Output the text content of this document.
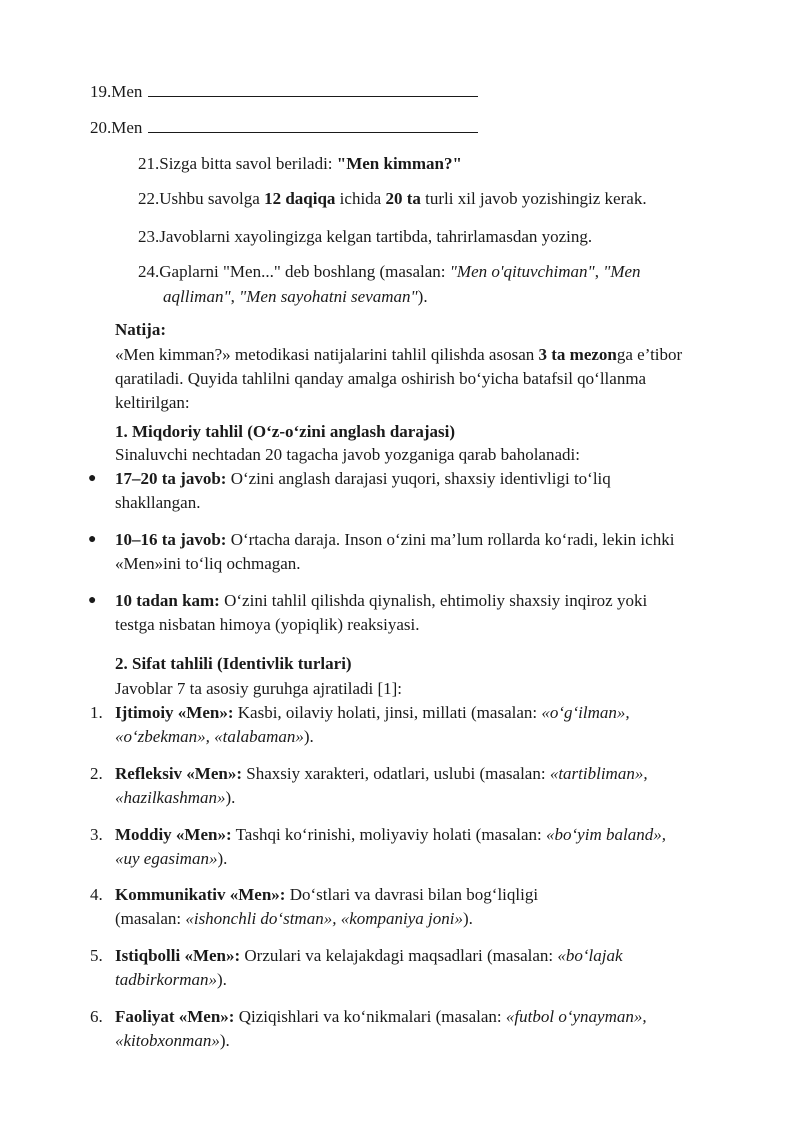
19.Men
20.Men
21.Sizga bitta savol beriladi: "Men kimman?"
22.Ushbu savolga 12 daqiqa ichida 20 ta turli xil javob yozishingiz kerak.
23.Javoblarni xayolingizga kelgan tartibda, tahrirlamasdan yozing.
24.Gaplarni "Men..." deb boshlang (masalan: "Men o'qituvchiman", "Men
aqlliman", "Men sayohatni sevaman").
Natija:
«Men kimman?» metodikasi natijalarini tahlil qilishda asosan 3 ta mezonga e’tibor
qaratiladi. Quyida tahlilni qanday amalga oshirish bo‘yicha batafsil qo‘llanma
keltirilgan:
1. Miqdoriy tahlil (O‘z-o‘zini anglash darajasi)
Sinaluvchi nechtadan 20 tagacha javob yozganiga qarab baholanadi:
● 17–20 ta javob: O‘zini anglash darajasi yuqori, shaxsiy identivligi to‘liq
shakllangan.
● 10–16 ta javob: O‘rtacha daraja. Inson o‘zini ma’lum rollarda ko‘radi, lekin ichki
«Men»ini to‘liq ochmagan.
● 10 tadan kam: O‘zini tahlil qilishda qiynalish, ehtimoliy shaxsiy inqiroz yoki
testga nisbatan himoya (yopiqlik) reaksiyasi.
2. Sifat tahlili (Identivlik turlari)
Javoblar 7 ta asosiy guruhga ajratiladi [1]:
1. Ijtimoiy «Men»: Kasbi, oilaviy holati, jinsi, millati (masalan: «o‘g‘ilman»,
«o‘zbekman», «talabaman»).
2. Refleksiv «Men»: Shaxsiy xarakteri, odatlari, uslubi (masalan: «tartibliman»,
«hazilkashman»).
3. Moddiy «Men»: Tashqi ko‘rinishi, moliyaviy holati (masalan: «bo‘yim baland»,
«uy egasiman»).
4. Kommunikativ «Men»: Do‘stlari va davrasi bilan bog‘liqligi
(masalan: «ishonchli do‘stman», «kompaniya joni»).
5. Istiqbolli «Men»: Orzulari va kelajakdagi maqsadlari (masalan: «bo‘lajak
tadbirkorman»).
6. Faoliyat «Men»: Qiziqishlari va ko‘nikmalari (masalan: «futbol o‘ynayman»,
«kitobxonman»).
